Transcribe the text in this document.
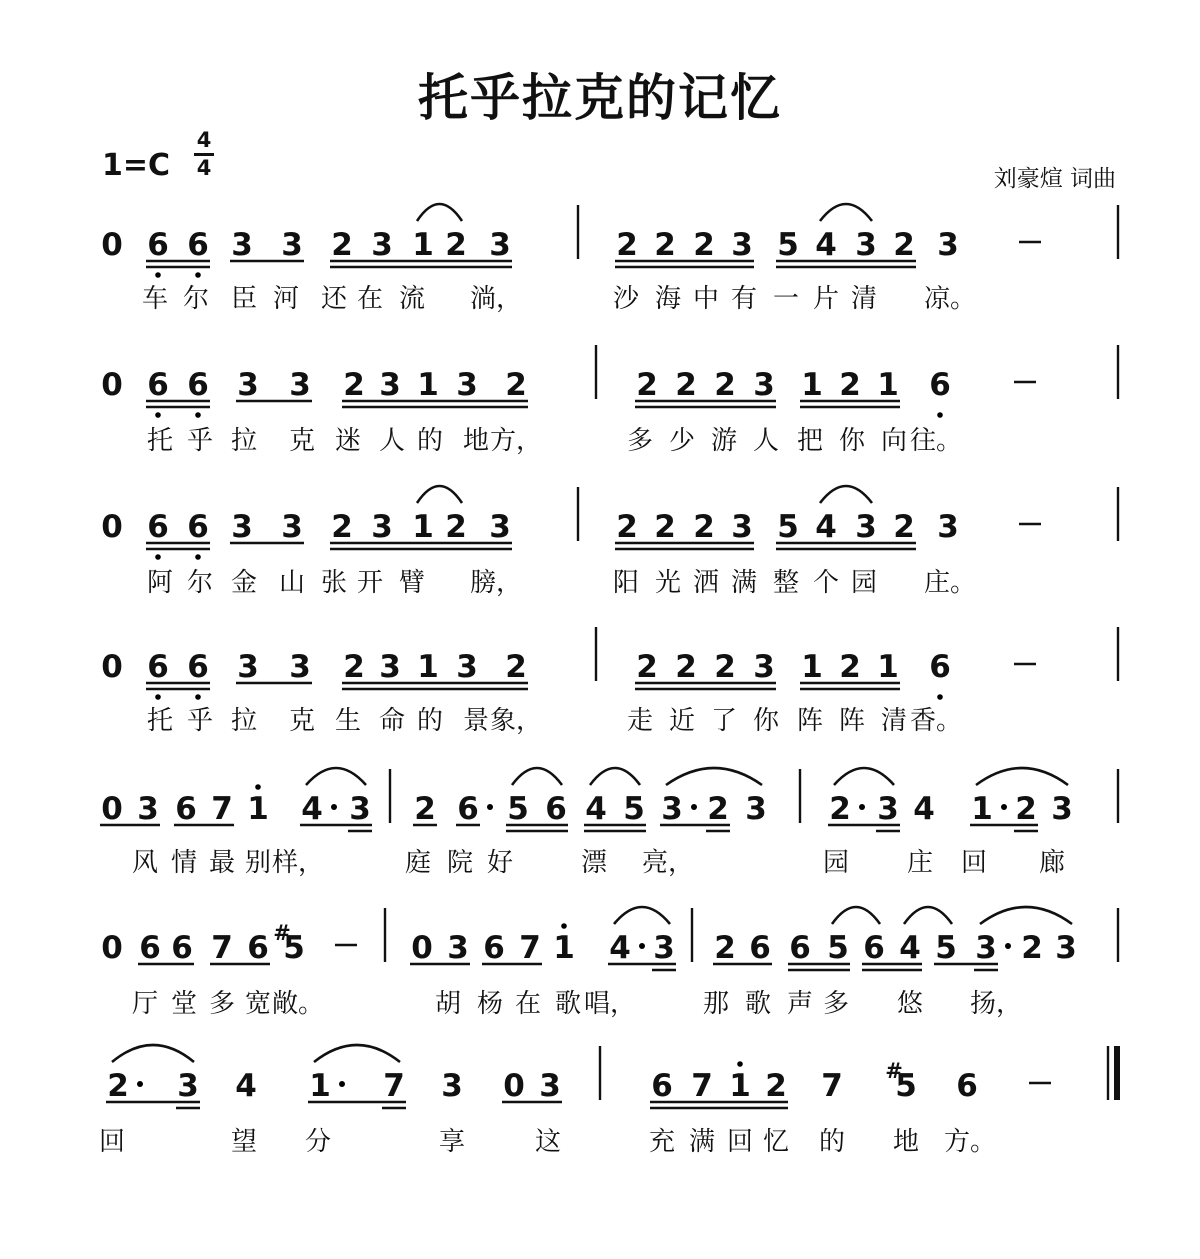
托乎拉克的记忆
1=C
4
4	刘豪煊 词曲
0 6 6 3 3 2 3 1 2 3	2 2 2 3 5 4 3 2 3
车 尔 臣 河 还 在 流 淌，	沙 海 中 有 一 片 清 凉。
0 6 6 3 3 2 3 1 3 2	2 2 2 3 1 2 1 6
托 乎 拉 克 迷 人 的 地 方，	多 少 游 人 把 你 向 往。
0 6 6 3 3 2 3 1 2 3	2 2 2 3 5 4 3 2 3
阿 尔 金 山 张 开 臂 膀，	阳 光 洒 满 整 个 园 庄。
0 6 6 3 3 2 3 1 3 2	2 2 2 3 1 2 1 6
托 乎 拉 克 生 命 的 景 象，	走 近 了 你 阵 阵 清 香。
0 3 6 7 1 4 3 2 6 5 6 4 5 3 2 3 2 3 4 1 2 3
风 情 最 别 样，	庭 院 好	漂 亮，	园 庄 回 廊
0 6 6 7 6 #
5	0 3 6 7 1 4 3 2 6 6 5 6 4 5 3 2 3
厅 堂 多 宽 敞。	胡 杨 在 歌 唱，	那 歌 声 多 悠 扬，
2 3 4 1 7 3 0 3	6 7 1 2 7 #
5 6
回	望 分	享	这	充 满 回 忆 的 地 方。
